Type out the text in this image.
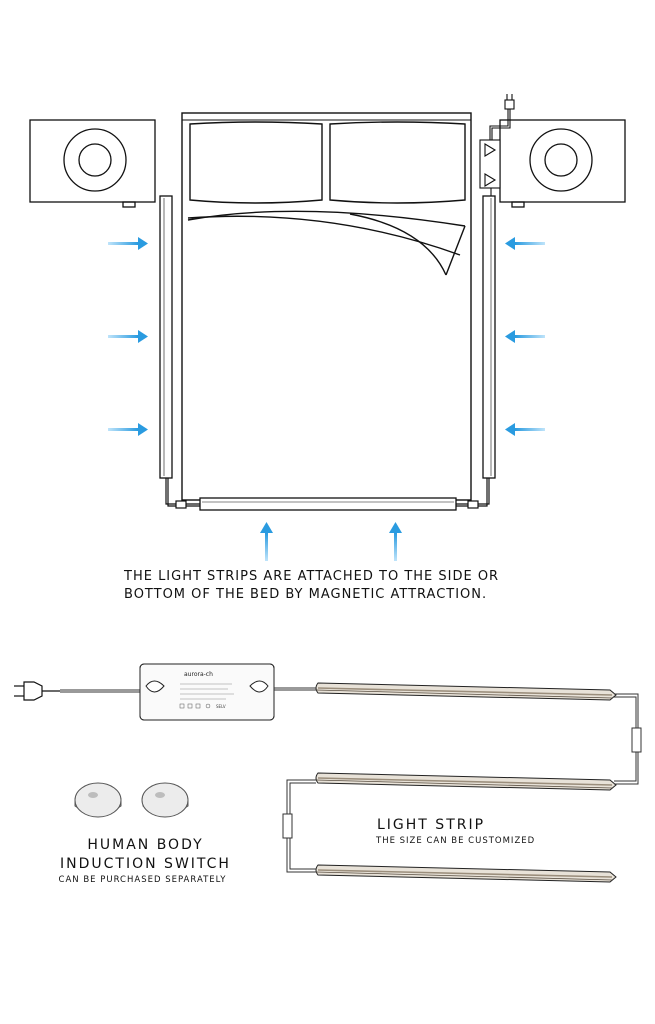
aurora-ch
SELV
THE LIGHT STRIPS ARE ATTACHED TO THE SIDE OR
BOTTOM OF THE BED BY MAGNETIC ATTRACTION.
HUMAN BODY
INDUCTION SWITCH
CAN BE PURCHASED SEPARATELY
LIGHT STRIP
THE SIZE CAN BE CUSTOMIZED
